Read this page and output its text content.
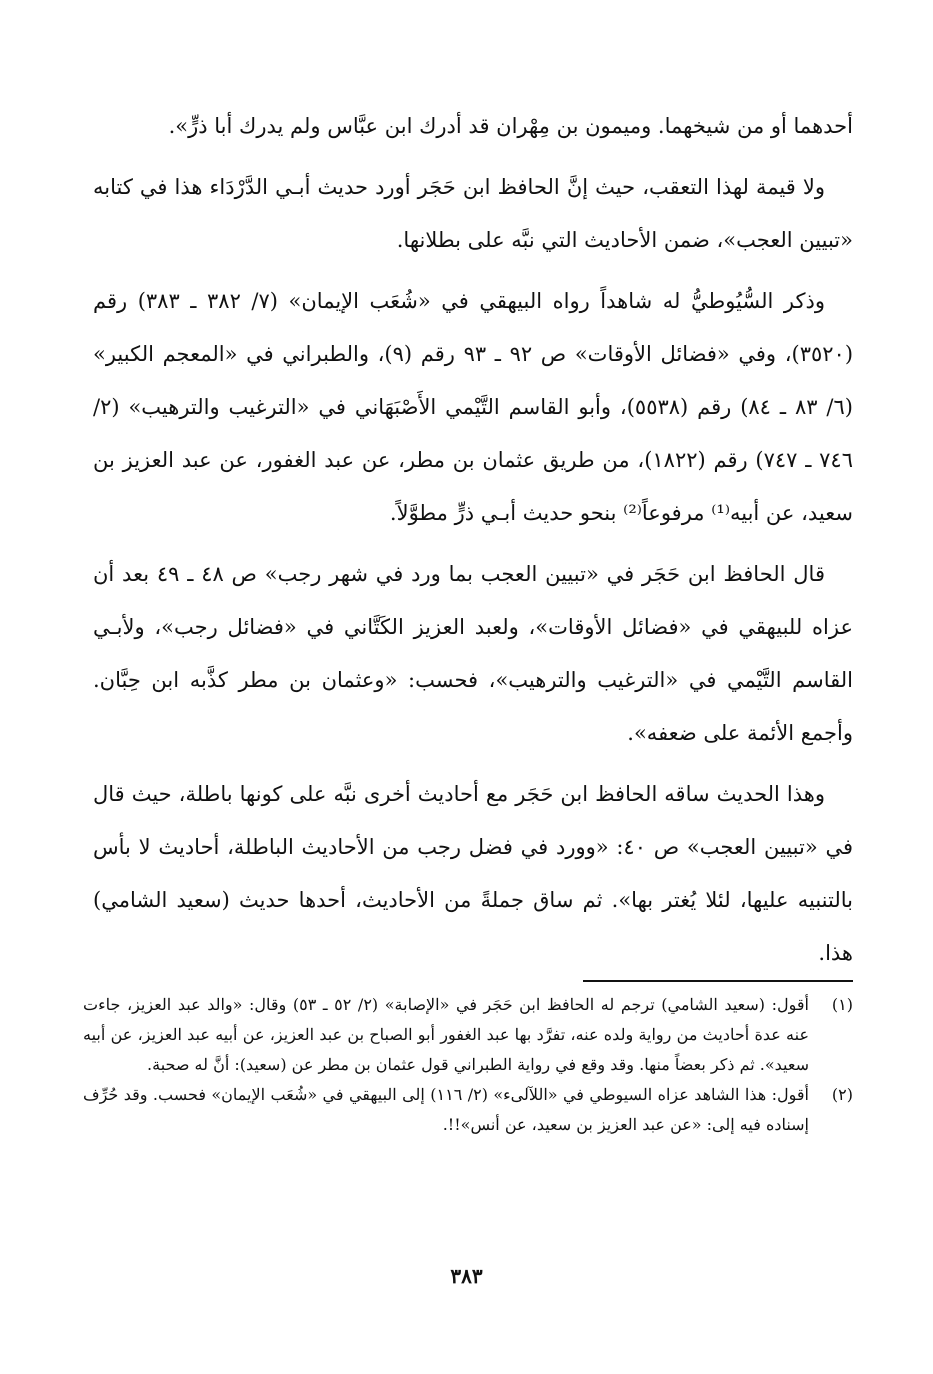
أحدهما أو من شيخهما. وميمون بن مِهْران قد أدرك ابن عبَّاس ولم يدرك أبا ذرٍّ».

ولا قيمة لهذا التعقب، حيث إنَّ الحافظ ابن حَجَر أورد حديث أبـي الدَّرْدَاء هذا في كتابه «تبيين العجب»، ضمن الأحاديث التي نبَّه على بطلانها.

وذكر السُّيُوطيُّ له شاهداً رواه البيهقي في «شُعَب الإيمان» (٧/ ٣٨٢ ـ ٣٨٣) رقم (٣٥٢٠)، وفي «فضائل الأوقات» ص ٩٢ ـ ٩٣ رقم (٩)، والطبراني في «المعجم الكبير» (٦/ ٨٣ ـ ٨٤) رقم (٥٥٣٨)، وأبو القاسم التَّيْمي الأَصْبَهَاني في «الترغيب والترهيب» (٢/ ٧٤٦ ـ ٧٤٧) رقم (١٨٢٢)، من طريق عثمان بن مطر، عن عبد الغفور، عن عبد العزيز بن سعيد، عن أبيه⁽¹⁾ مرفوعاً⁽²⁾ بنحو حديث أبـي ذرٍّ مطوَّلاً.

قال الحافظ ابن حَجَر في «تبيين العجب بما ورد في شهر رجب» ص ٤٨ ـ ٤٩ بعد أن عزاه للبيهقي في «فضائل الأوقات»، ولعبد العزيز الكَتَّاني في «فضائل رجب»، ولأبـي القاسم التَّيْمي في «الترغيب والترهيب»، فحسب: «وعثمان بن مطر كذَّبه ابن حِبَّان. وأجمع الأئمة على ضعفه».

وهذا الحديث ساقه الحافظ ابن حَجَر مع أحاديث أخرى نبَّه على كونها باطلة، حيث قال في «تبيين العجب» ص ٤٠: «وورد في فضل رجب من الأحاديث الباطلة، أحاديث لا بأس بالتنبيه عليها، لئلا يُغتر بها». ثم ساق جملةً من الأحاديث، أحدها حديث (سعيد الشامي) هذا.

(١)
أقول: (سعيد الشامي) ترجم له الحافظ ابن حَجَر في «الإصابة» (٢/ ٥٢ ـ ٥٣) وقال: «والد عبد العزيز، جاءت عنه عدة أحاديث من رواية ولده عنه، تفرَّد بها عبد الغفور أبو الصباح بن عبد العزيز، عن أبيه عبد العزيز، عن أبيه سعيد». ثم ذكر بعضاً منها. وقد وقع في رواية الطبراني قول عثمان بن مطر عن (سعيد): أنَّ له صحبة.
(٢)
أقول: هذا الشاهد عزاه السيوطي في «اللآلىء» (٢/ ١١٦) إلى البيهقي في «شُعَب الإيمان» فحسب. وقد حُرِّف إسناده فيه إلى: «عن عبد العزيز بن سعيد، عن أنس»!!.
٣٨٣
